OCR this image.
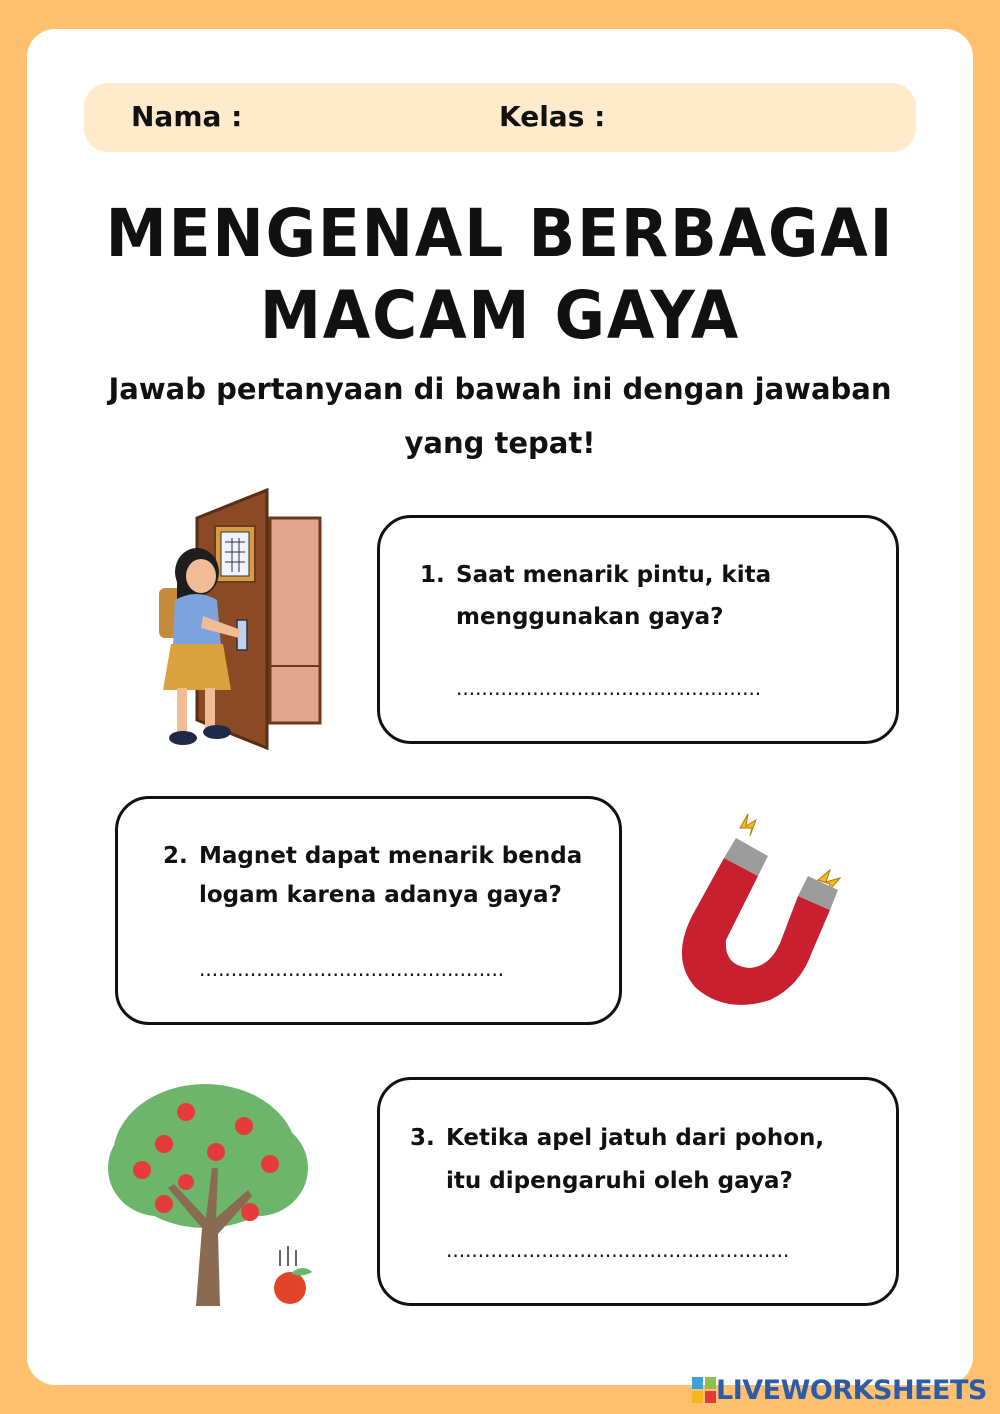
Nama :	Kelas :
MENGENAL BERBAGAI
MACAM GAYA
Jawab pertanyaan di bawah ini dengan jawaban
yang tepat!
1. Saat menarik pintu, kita
menggunakan gaya?
................................................
2. Magnet dapat menarik benda
logam karena adanya gaya?
................................................
3. Ketika apel jatuh dari pohon,
itu dipengaruhi oleh gaya?
......................................................
LIVEWORKSHEETS
